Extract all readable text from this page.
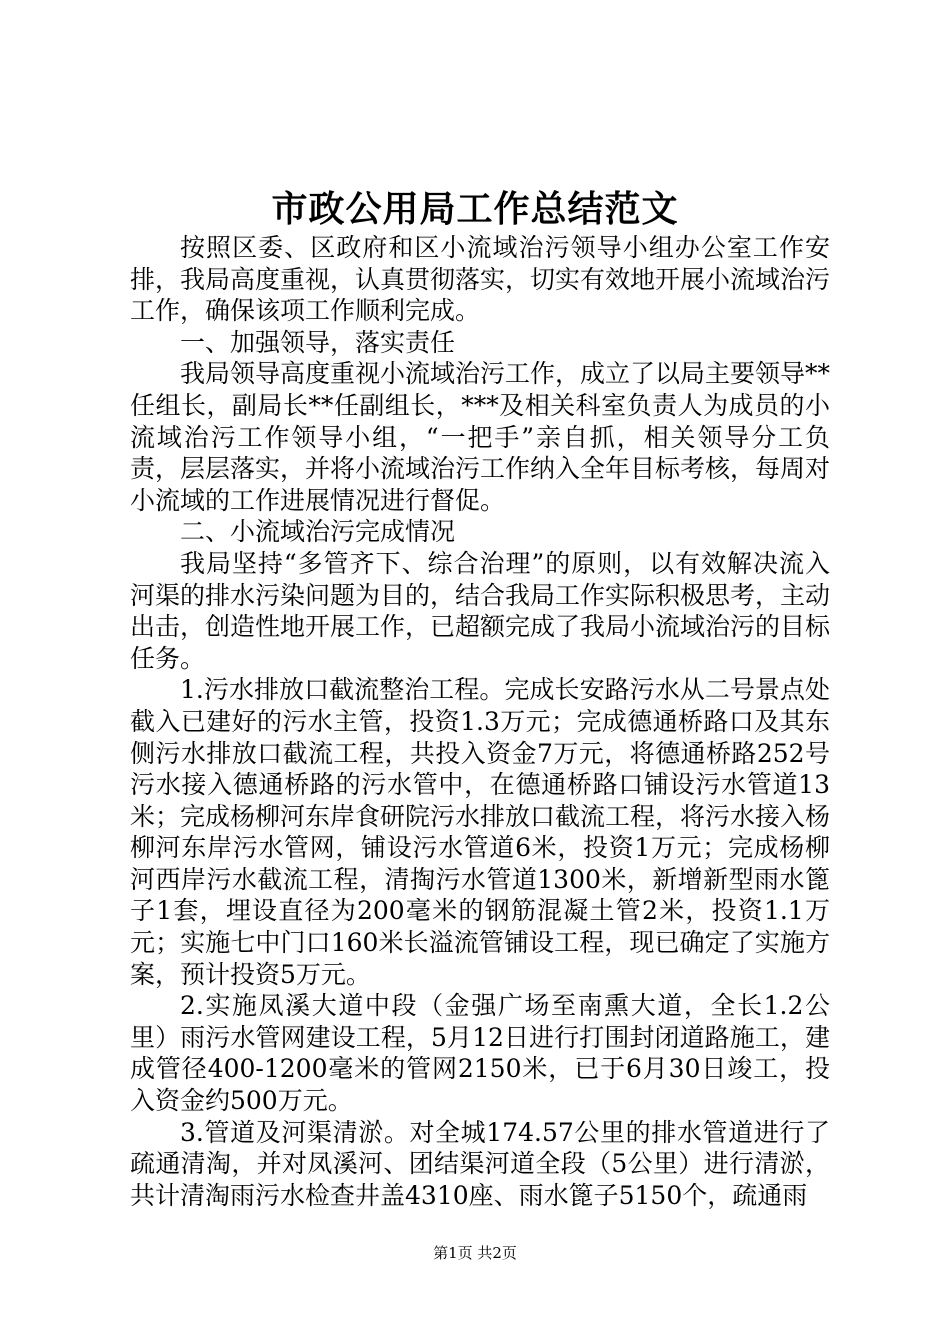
市政公用局工作总结范文

按照区委、区政府和区小流域治污领导小组办公室工作安排，我局高度重视，认真贯彻落实，切实有效地开展小流域治污工作，确保该项工作顺利完成。

一、加强领导，落实责任

我局领导高度重视小流域治污工作，成立了以局主要领导**任组长，副局长**任副组长，***及相关科室负责人为成员的小流域治污工作领导小组，“一把手”亲自抓，相关领导分工负责，层层落实，并将小流域治污工作纳入全年目标考核，每周对小流域的工作进展情况进行督促。

二、小流域治污完成情况

我局坚持“多管齐下、综合治理”的原则，以有效解决流入河渠的排水污染问题为目的，结合我局工作实际积极思考，主动出击，创造性地开展工作，已超额完成了我局小流域治污的目标任务。

1.污水排放口截流整治工程。完成长安路污水从二号景点处截入已建好的污水主管，投资1.3万元；完成德通桥路口及其东侧污水排放口截流工程，共投入资金7万元，将德通桥路252号污水接入德通桥路的污水管中，在德通桥路口铺设污水管道13米；完成杨柳河东岸食研院污水排放口截流工程，将污水接入杨柳河东岸污水管网，铺设污水管道6米，投资1万元；完成杨柳河西岸污水截流工程，清掏污水管道1300米，新增新型雨水篦子1套，埋设直径为200毫米的钢筋混凝土管2米，投资1.1万元；实施七中门口160米长溢流管铺设工程，现已确定了实施方案，预计投资5万元。

2.实施凤溪大道中段（金强广场至南熏大道，全长1.2公里）雨污水管网建设工程，5月12日进行打围封闭道路施工，建成管径400-1200毫米的管网2150米，已于6月30日竣工，投入资金约500万元。

3.管道及河渠清淤。对全城174.57公里的排水管道进行了疏通清淘，并对凤溪河、团结渠河道全段（5公里）进行清淤，共计清淘雨污水检查井盖4310座、雨水篦子5150个，疏通雨

第1页 共2页
